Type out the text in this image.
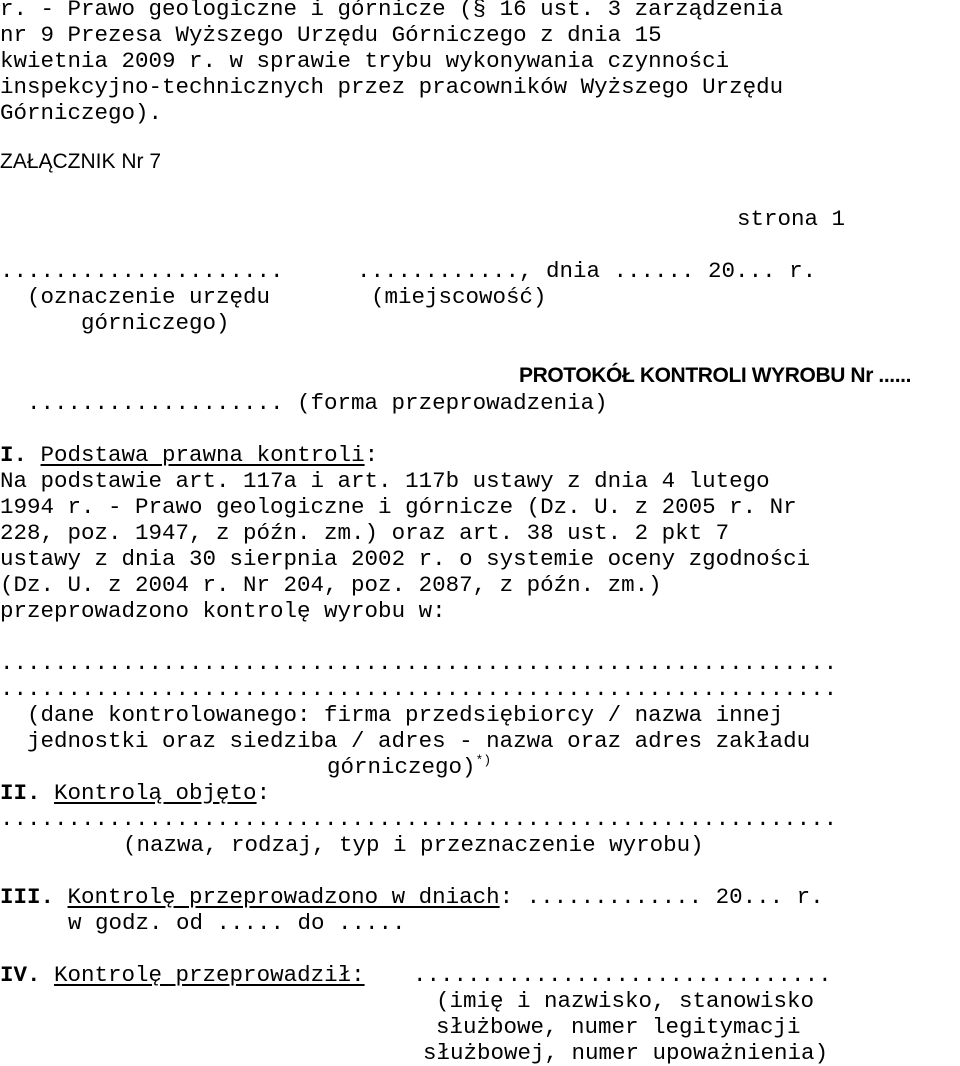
r. - Prawo geologiczne i górnicze (§ 16 ust. 3 zarządzenia
nr 9 Prezesa Wyższego Urzędu Górniczego z dnia 15
kwietnia 2009 r. w sprawie trybu wykonywania czynności
inspekcyjno-technicznych przez pracowników Wyższego Urzędu
Górniczego).
ZAŁĄCZNIK Nr 7
strona 1
.....................	............, dnia ...... 20... r.
(oznaczenie urzędu	(miejscowość)
górniczego)
PROTOKÓŁ KONTROLI WYROBU Nr ......
................... (forma przeprowadzenia)
I. Podstawa prawna kontroli:
Na podstawie art. 117a i art. 117b ustawy z dnia 4 lutego
1994 r. - Prawo geologiczne i górnicze (Dz. U. z 2005 r. Nr
228, poz. 1947, z późn. zm.) oraz art. 38 ust. 2 pkt 7
ustawy z dnia 30 sierpnia 2002 r. o systemie oceny zgodności
(Dz. U. z 2004 r. Nr 204, poz. 2087, z późn. zm.)
przeprowadzono kontrolę wyrobu w:
..............................................................
..............................................................
(dane kontrolowanego: firma przedsiębiorcy / nazwa innej
jednostki oraz siedziba / adres - nazwa oraz adres zakładu
górniczego)*)
II. Kontrolą objęto:
..............................................................
(nazwa, rodzaj, typ i przeznaczenie wyrobu)
III. Kontrolę przeprowadzono w dniach: ............. 20... r.
w godz. od ..... do .....
IV. Kontrolę przeprowadził: ...............................
(imię i nazwisko, stanowisko
służbowe, numer legitymacji
służbowej, numer upoważnienia)
